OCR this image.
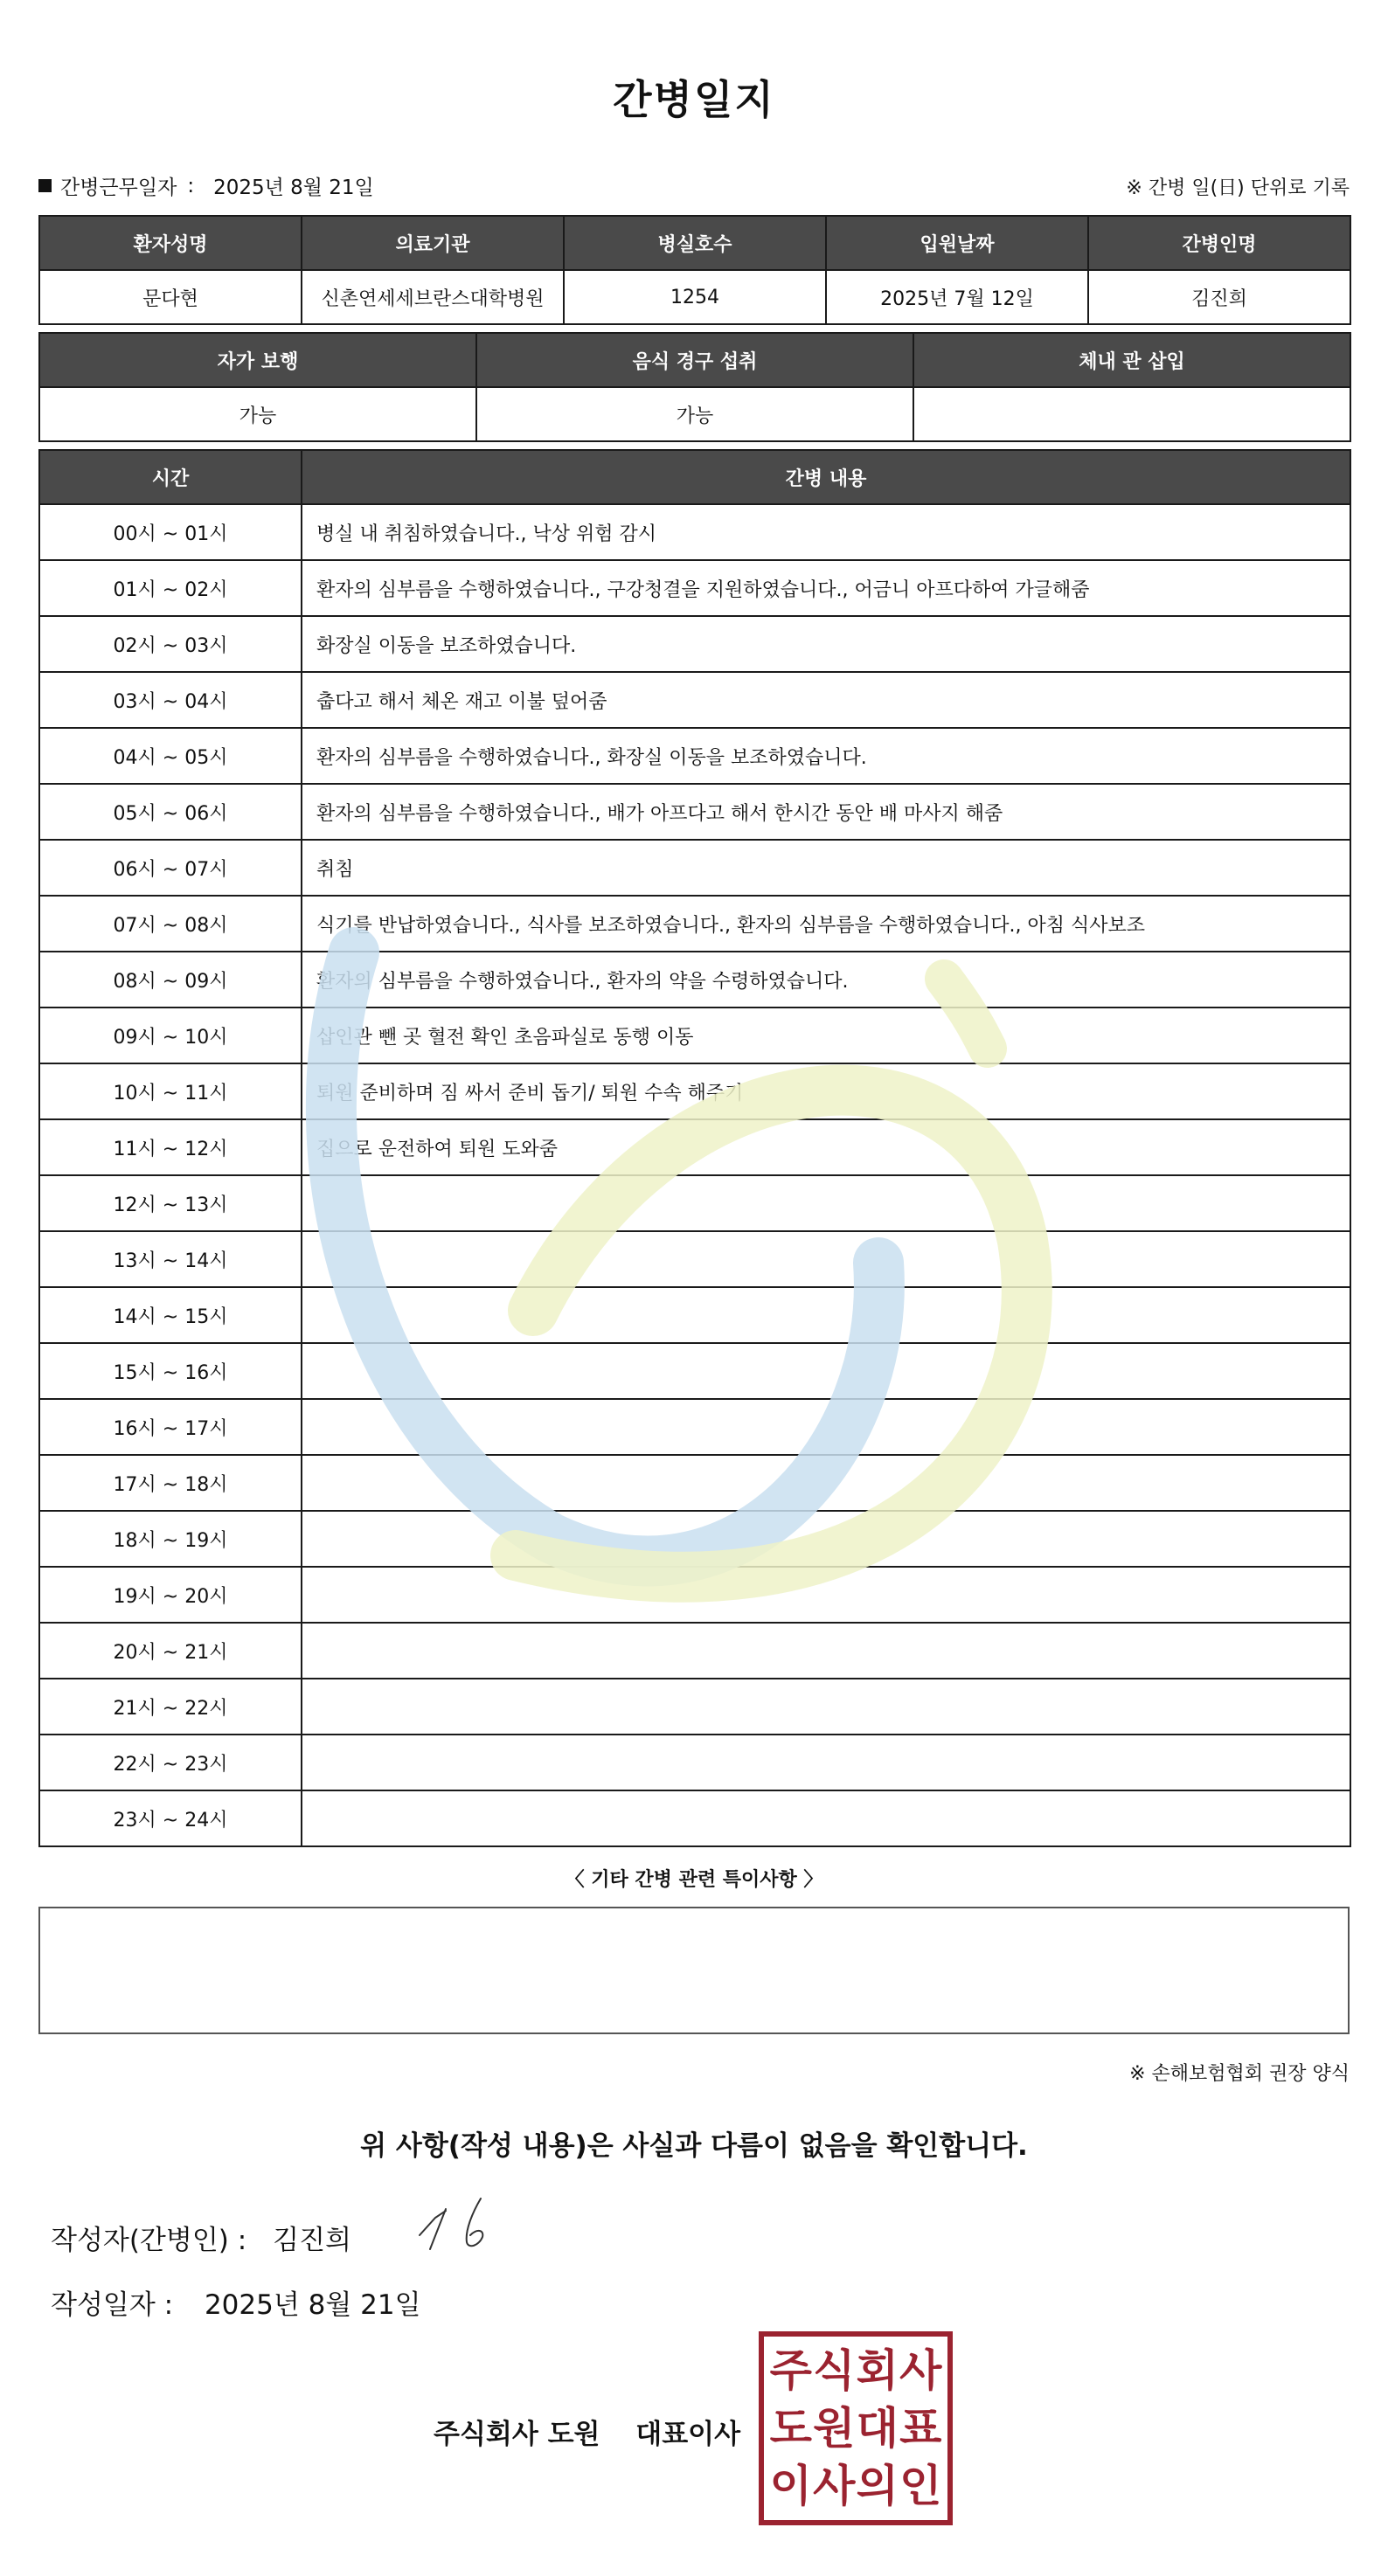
간병일지
간병근무일자 : 2025년 8월 21일	※ 간병 일(日) 단위로 기록
환자성명	의료기관	병실호수	입원날짜	간병인명
문다현	신촌연세세브란스대학병원	1254	2025년 7월 12일	김진희
자가 보행	음식 경구 섭취	체내 관 삽입
가능	가능	
시간	간병 내용
00시 ~ 01시	병실 내 취침하였습니다., 낙상 위험 감시
01시 ~ 02시	환자의 심부름을 수행하였습니다., 구강청결을 지원하였습니다., 어금니 아프다하여 가글해줌
02시 ~ 03시	화장실 이동을 보조하였습니다.
03시 ~ 04시	춥다고 해서 체온 재고 이불 덮어줌
04시 ~ 05시	환자의 심부름을 수행하였습니다., 화장실 이동을 보조하였습니다.
05시 ~ 06시	환자의 심부름을 수행하였습니다., 배가 아프다고 해서 한시간 동안 배 마사지 해줌
06시 ~ 07시	취침
07시 ~ 08시	식기를 반납하였습니다., 식사를 보조하였습니다., 환자의 심부름을 수행하였습니다., 아침 식사보조
08시 ~ 09시	환자의 심부름을 수행하였습니다., 환자의 약을 수령하였습니다.
09시 ~ 10시	삽인관 뺀 곳 혈전 확인 초음파실로 동행 이동
10시 ~ 11시	퇴원 준비하며 짐 싸서 준비 돕기/ 퇴원 수속 해주기
11시 ~ 12시	집으로 운전하여 퇴원 도와줌
12시 ~ 13시	
13시 ~ 14시	
14시 ~ 15시	
15시 ~ 16시	
16시 ~ 17시	
17시 ~ 18시	
18시 ~ 19시	
19시 ~ 20시	
20시 ~ 21시	
21시 ~ 22시	
22시 ~ 23시	
23시 ~ 24시	
〈 기타 간병 관련 특이사항 〉
※ 손해보험협회 권장 양식
위 사항(작성 내용)은 사실과 다름이 없음을 확인합니다.
작성자(간병인) : 김진희
작성일자 : 2025년 8월 21일
주식회사 도원 대표이사
주 식 회 사
도 원 대 표
이 사 의 인
